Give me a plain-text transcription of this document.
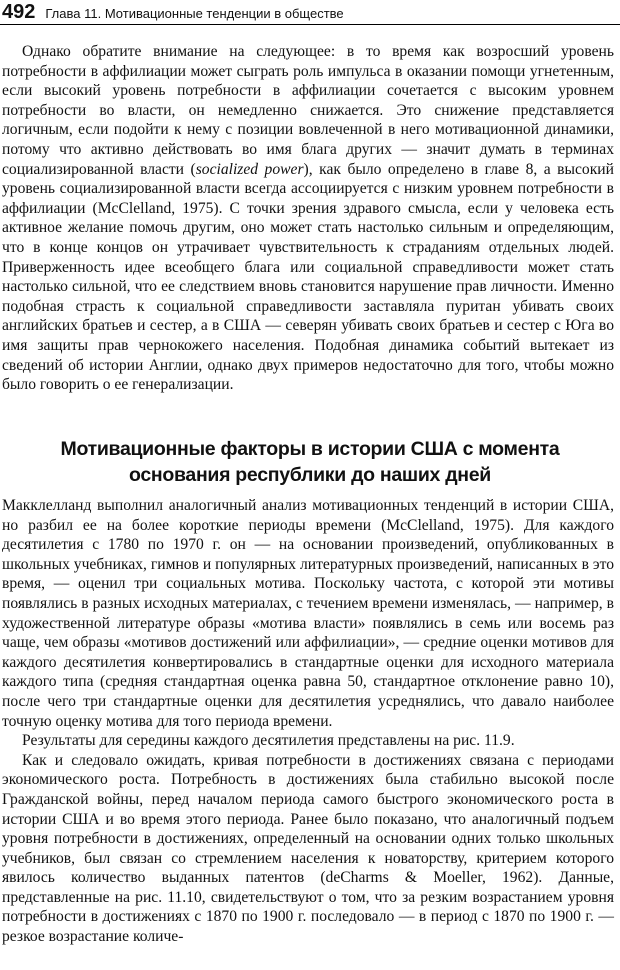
492 Глава 11. Мотивационные тенденции в обществе

Однако обратите внимание на следующее: в то время как возросший уровень потребности в аффилиации может сыграть роль импульса в оказании помощи угнетенным, если высокий уровень потребности в аффилиации сочетается с высоким уровнем потребности во власти, он немедленно снижается. Это снижение представляется логичным, если подойти к нему с позиции вовлеченной в него мотивационной динамики, потому что активно действовать во имя блага других — значит думать в терминах социализированной власти (socialized power), как было определено в главе 8, а высокий уровень социализированной власти всегда ассоциируется с низким уровнем потребности в аффилиации (McClelland, 1975). С точки зрения здравого смысла, если у человека есть активное желание помочь другим, оно может стать настолько сильным и определяющим, что в конце концов он утрачивает чувствительность к страданиям отдельных людей. Приверженность идее всеобщего блага или социальной справедливости может стать настолько сильной, что ее следствием вновь становится нарушение прав личности. Именно подобная страсть к социальной справедливости заставляла пуритан убивать своих английских братьев и сестер, а в США — северян убивать своих братьев и сестер с Юга во имя защиты прав чернокожего населения. Подобная динамика событий вытекает из сведений об истории Англии, однако двух примеров недостаточно для того, чтобы можно было говорить о ее генерализации.

Мотивационные факторы в истории США с момента
основания республики до наших дней

Макклелланд выполнил аналогичный анализ мотивационных тенденций в истории США, но разбил ее на более короткие периоды времени (McClelland, 1975). Для каждого десятилетия с 1780 по 1970 г. он — на основании произведений, опубликованных в школьных учебниках, гимнов и популярных литературных произведений, написанных в это время, — оценил три социальных мотива. Поскольку частота, с которой эти мотивы появлялись в разных исходных материалах, с течением времени изменялась, — например, в художественной литературе образы «мотива власти» появлялись в семь или восемь раз чаще, чем образы «мотивов достижений или аффилиации», — средние оценки мотивов для каждого десятилетия конвертировались в стандартные оценки для исходного материала каждого типа (средняя стандартная оценка равна 50, стандартное отклонение равно 10), после чего три стандартные оценки для десятилетия усреднялись, что давало наиболее точную оценку мотива для того периода времени.

Результаты для середины каждого десятилетия представлены на рис. 11.9.

Как и следовало ожидать, кривая потребности в достижениях связана с периодами экономического роста. Потребность в достижениях была стабильно высокой после Гражданской войны, перед началом периода самого быстрого экономического роста в истории США и во время этого периода. Ранее было показано, что аналогичный подъем уровня потребности в достижениях, определенный на основании одних только школьных учебников, был связан со стремлением населения к новаторству, критерием которого явилось количество выданных патентов (deCharms & Moeller, 1962). Данные, представленные на рис. 11.10, свидетельствуют о том, что за резким возрастанием уровня потребности в достижениях с 1870 по 1900 г. последовало — в период с 1870 по 1900 г. — резкое возрастание количе-
